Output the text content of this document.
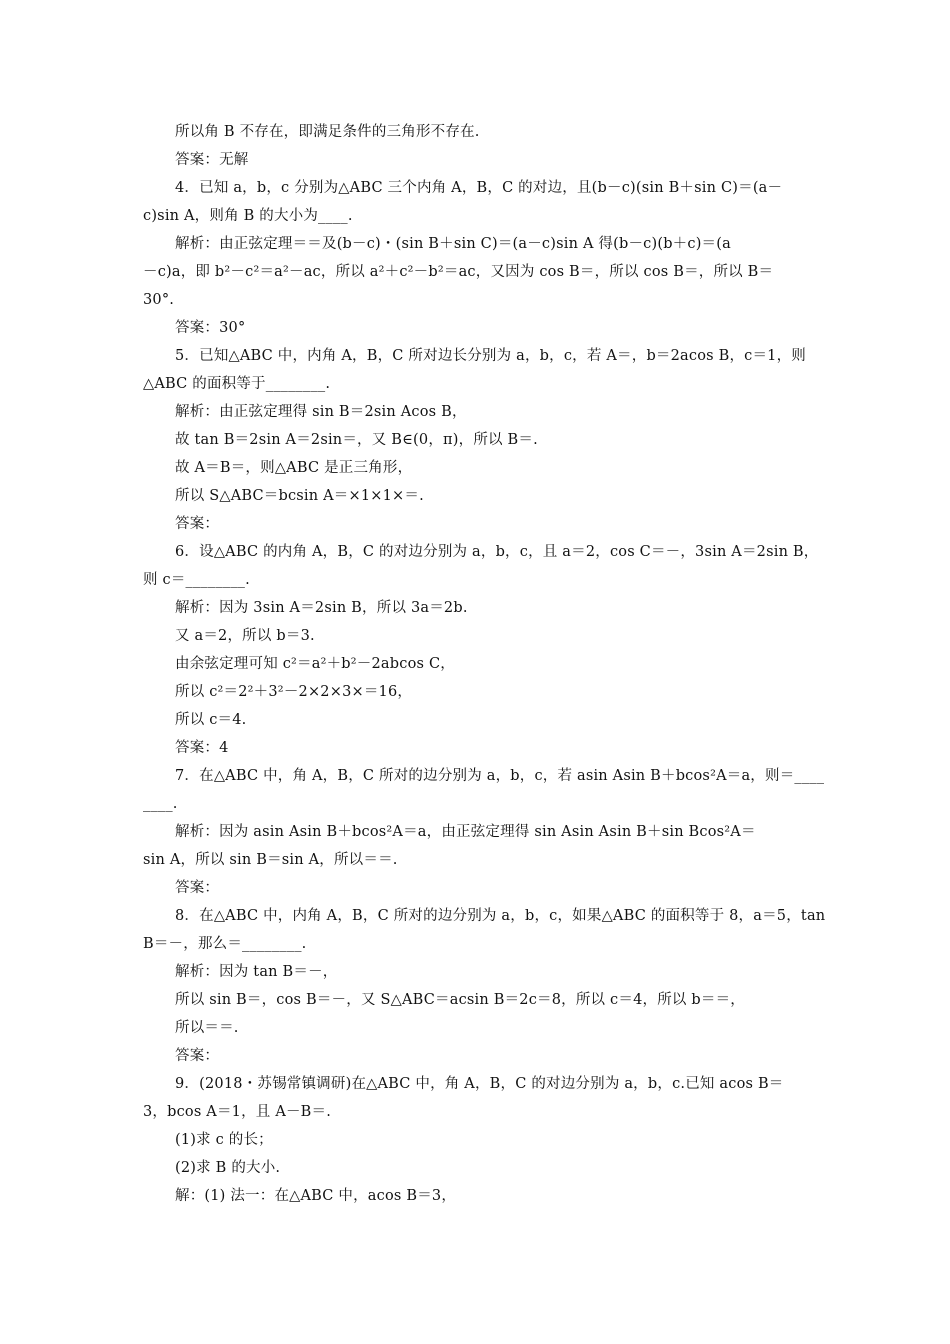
所以角 B 不存在，即满足条件的三角形不存在.
答案：无解
4．已知 a，b，c 分别为△ABC 三个内角 A，B，C 的对边，且(b－c)(sin B＋sin C)＝(a－
c)sin A，则角 B 的大小为____.
解析：由正弦定理＝＝及(b－c)・(sin B＋sin C)＝(a－c)sin A 得(b－c)(b＋c)＝(a
－c)a，即 b²－c²＝a²－ac，所以 a²＋c²－b²＝ac，又因为 cos B＝，所以 cos B＝，所以 B＝
30°.
答案：30°
5．已知△ABC 中，内角 A，B，C 所对边长分别为 a，b，c，若 A＝，b＝2acos B，c＝1，则
△ABC 的面积等于________.
解析：由正弦定理得 sin B＝2sin Acos B，
故 tan B＝2sin A＝2sin＝，又 B∈(0，π)，所以 B＝.
故 A＝B＝，则△ABC 是正三角形，
所以 S△ABC＝bcsin A＝×1×1×＝.
答案：
6．设△ABC 的内角 A，B，C 的对边分别为 a，b，c，且 a＝2，cos C＝－，3sin A＝2sin B，
则 c＝________.
解析：因为 3sin A＝2sin B，所以 3a＝2b.
又 a＝2，所以 b＝3.
由余弦定理可知 c²＝a²＋b²－2abcos C，
所以 c²＝2²＋3²－2×2×3×＝16，
所以 c＝4.
答案：4
7．在△ABC 中，角 A，B，C 所对的边分别为 a，b，c，若 asin Asin B＋bcos²A＝a，则＝____
____.
解析：因为 asin Asin B＋bcos²A＝a，由正弦定理得 sin Asin Asin B＋sin Bcos²A＝
sin A，所以 sin B＝sin A，所以＝＝.
答案：
8．在△ABC 中，内角 A，B，C 所对的边分别为 a，b，c，如果△ABC 的面积等于 8，a＝5，tan
B＝－，那么＝________.
解析：因为 tan B＝－，
所以 sin B＝，cos B＝－，又 S△ABC＝acsin B＝2c＝8，所以 c＝4，所以 b＝＝，
所以＝＝.
答案：
9．(2018・苏锡常镇调研)在△ABC 中，角 A，B，C 的对边分别为 a，b，c.已知 acos B＝
3，bcos A＝1，且 A－B＝.
(1)求 c 的长；
(2)求 B 的大小.
解：(1) 法一：在△ABC 中，acos B＝3，
